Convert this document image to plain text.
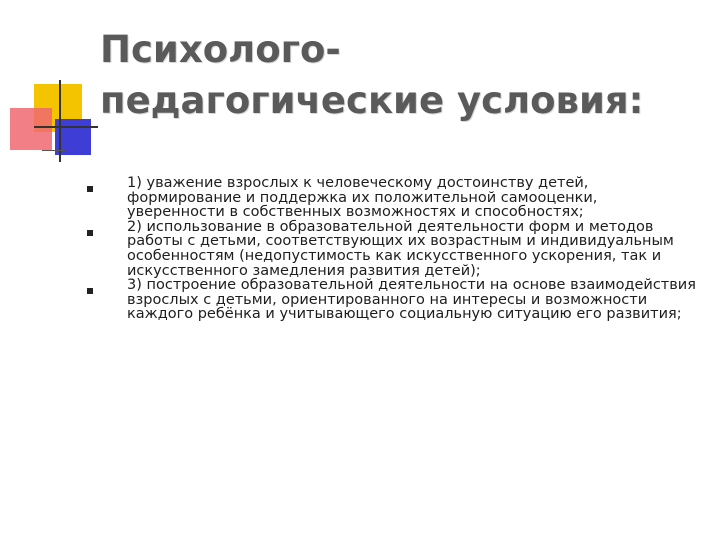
Психолого-
педагогические условия:
1) уважение взрослых к человеческому достоинству детей, формирование и поддержка их положительной самооценки, уверенности в собственных возможностях и способностях;
2) использование в образовательной деятельности форм и методов работы с детьми, соответствующих их возрастным и индивидуальным особенностям (недопустимость как искусственного ускорения, так и искусственного замедления развития детей);
3) построение образовательной деятельности на основе взаимодействия взрослых с детьми, ориентированного на интересы и возможности каждого ребёнка и учитывающего социальную ситуацию его развития;
